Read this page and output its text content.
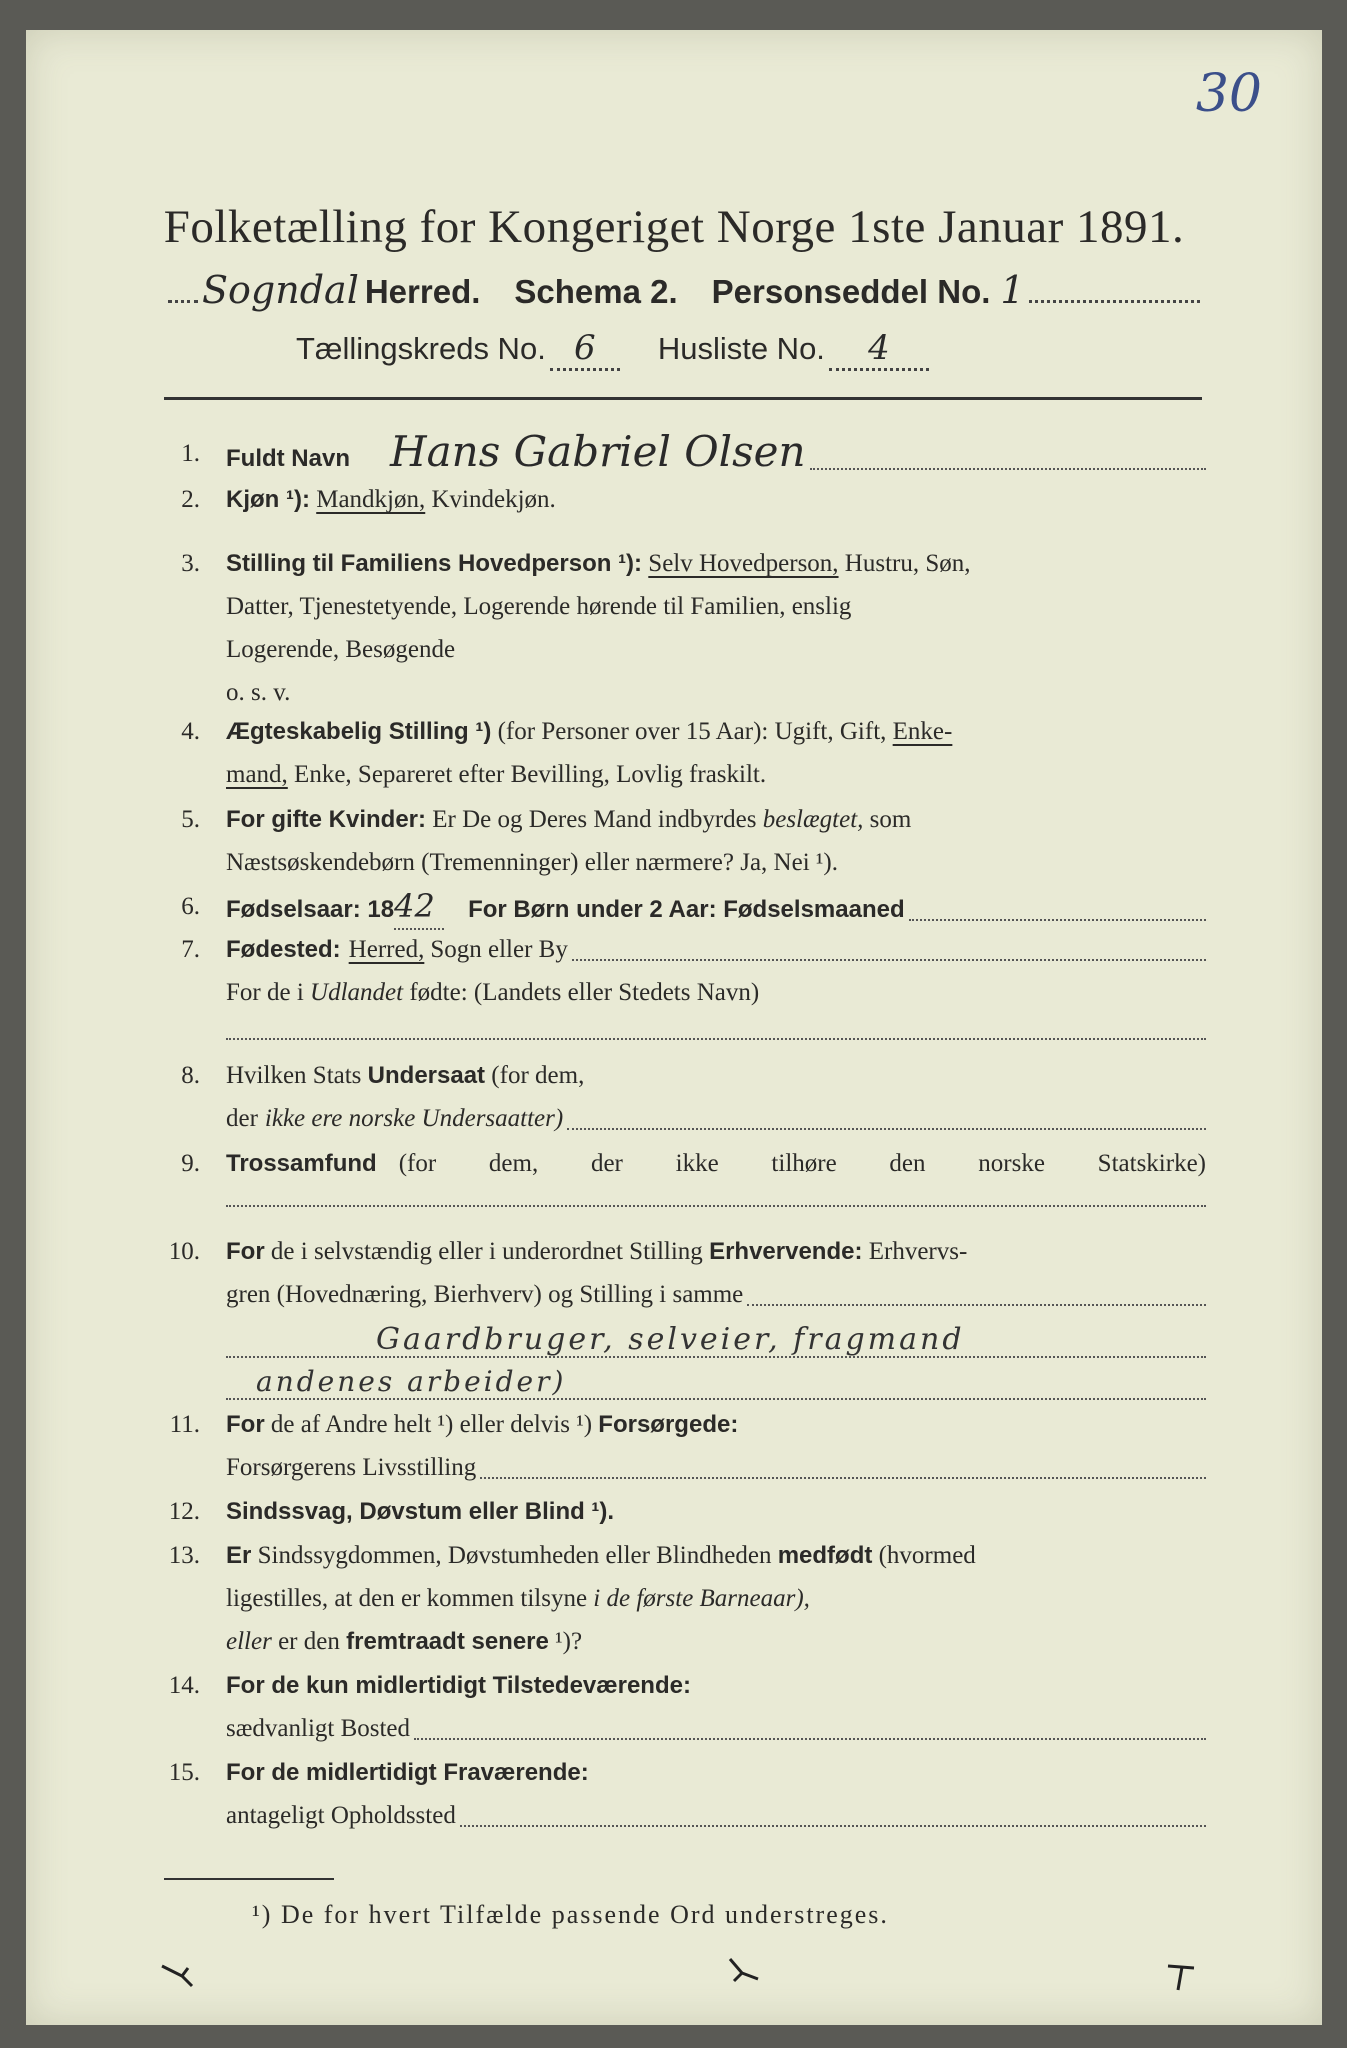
30
Folketælling for Kongeriget Norge 1ste Januar 1891.
Sogndal Herred. Schema 2. Personseddel No. 1
Tællingskreds No. 6	Husliste No.	4
1. Fuldt Navn Hans Gabriel Olsen
2. Kjøn ¹): Mandkjøn, Kvindekjøn.
3. Stilling til Familiens Hovedperson ¹): Selv Hovedperson, Hustru, Søn,
Datter, Tjenestetyende, Logerende hørende til Familien, enslig
Logerende, Besøgende
o. s. v.
4. Ægteskabelig Stilling ¹) (for Personer over 15 Aar): Ugift, Gift, Enke-
mand, Enke, Separeret efter Bevilling, Lovlig fraskilt.
5. For gifte Kvinder: Er De og Deres Mand indbyrdes beslægtet, som
Næstsøskendebørn (Tremenninger) eller nærmere? Ja, Nei ¹).
6. Fødselsaar: 18 42	For Børn under 2 Aar: Fødselsmaaned
7. Fødested: Herred, Sogn eller By
For de i Udlandet fødte: (Landets eller Stedets Navn)
8. Hvilken Stats Undersaat (for dem,
der ikke ere norske Undersaatter)
9. Trossamfund (for dem, der ikke tilhøre den norske Statskirke)
10. For de i selvstændig eller i underordnet Stilling Erhvervende: Erhvervs-
gren (Hovednæring, Bierhverv) og Stilling i samme
Gaardbruger, selveier, fragmand
andenes arbeider)
11. For de af Andre helt ¹) eller delvis ¹) Forsørgede:
Forsørgerens Livsstilling
12. Sindssvag, Døvstum eller Blind ¹).
13. Er Sindssygdommen, Døvstumheden eller Blindheden medfødt (hvormed
ligestilles, at den er kommen tilsyne i de første Barneaar),
eller er den fremtraadt senere ¹)?
14. For de kun midlertidigt Tilstedeværende:
sædvanligt Bosted
15. For de midlertidigt Fraværende:
antageligt Opholdssted
¹) De for hvert Tilfælde passende Ord understreges.
